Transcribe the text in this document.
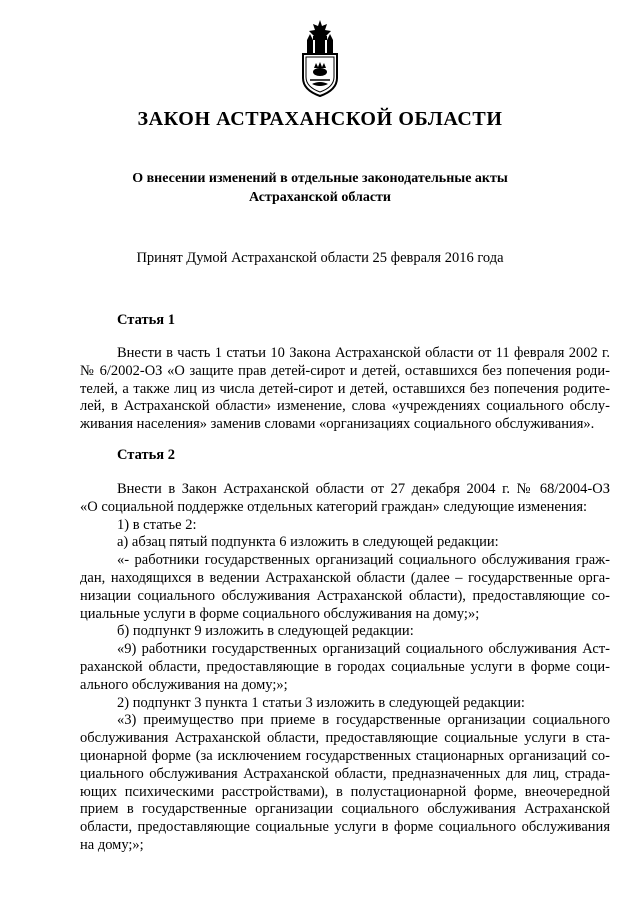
ЗАКОН АСТРАХАНСКОЙ ОБЛАСТИ
О внесении изменений в отдельные законодательные акты
Астраханской области
Принят Думой Астраханской области 25 февраля 2016 года
Статья 1
Внести в часть 1 статьи 10 Закона Астраханской области от 11 февраля 2002 г.
№ 6/2002-ОЗ «О защите прав детей-сирот и детей, оставшихся без попечения роди-
телей, а также лиц из числа детей-сирот и детей, оставшихся без попечения родите-
лей, в Астраханской области» изменение, слова «учреждениях социального обслу-
живания населения» заменив словами «организациях социального обслуживания».
Статья 2
Внести в Закон Астраханской области от 27 декабря 2004 г. № 68/2004-ОЗ
«О социальной поддержке отдельных категорий граждан» следующие изменения:
1) в статье 2:
а) абзац пятый подпункта 6 изложить в следующей редакции:
«- работники государственных организаций социального обслуживания граж-
дан, находящихся в ведении Астраханской области (далее – государственные орга-
низации социального обслуживания Астраханской области), предоставляющие со-
циальные услуги в форме социального обслуживания на дому;»;
б) подпункт 9 изложить в следующей редакции:
«9) работники государственных организаций социального обслуживания Аст-
раханской области, предоставляющие в городах социальные услуги в форме соци-
ального обслуживания на дому;»;
2) подпункт 3 пункта 1 статьи 3 изложить в следующей редакции:
«3) преимущество при приеме в государственные организации социального
обслуживания Астраханской области, предоставляющие социальные услуги в ста-
ционарной форме (за исключением государственных стационарных организаций со-
циального обслуживания Астраханской области, предназначенных для лиц, страда-
ющих психическими расстройствами), в полустационарной форме, внеочередной
прием в государственные организации социального обслуживания Астраханской
области, предоставляющие социальные услуги в форме социального обслуживания
на дому;»;
